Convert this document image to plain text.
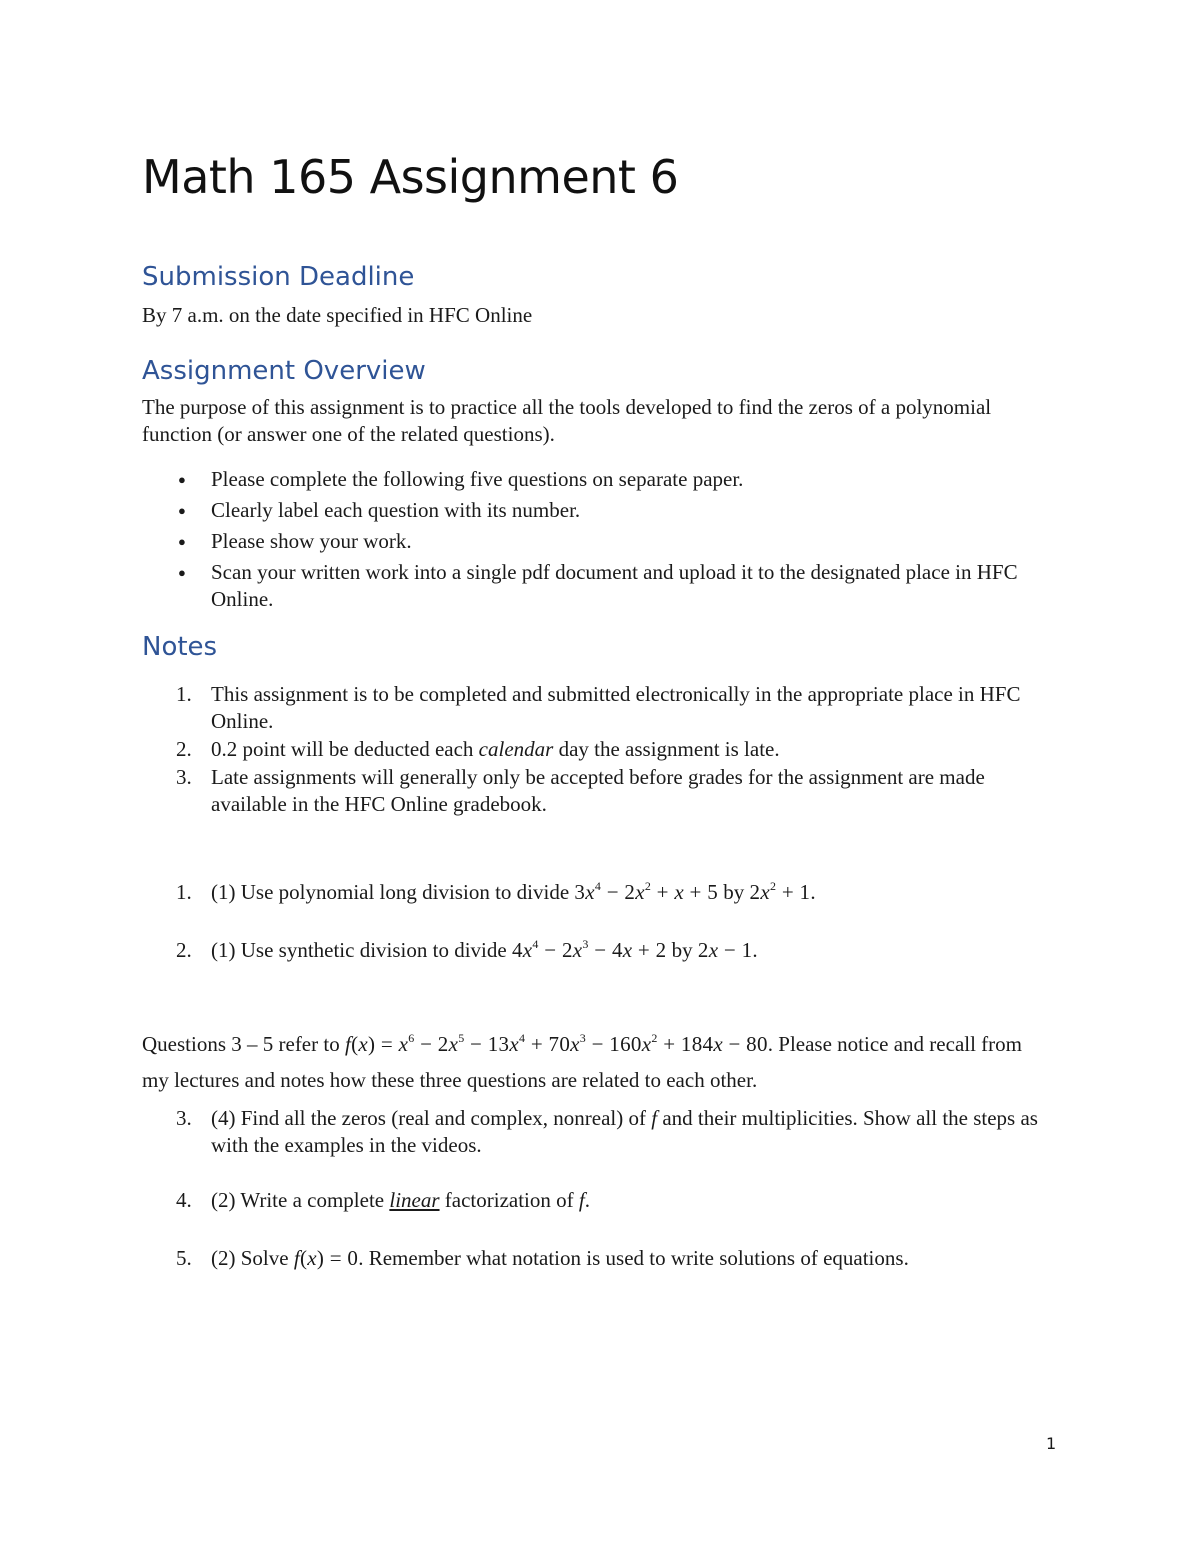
Math 165 Assignment 6
Submission Deadline

By 7 a.m. on the date specified in HFC Online

Assignment Overview

The purpose of this assignment is to practice all the tools developed to find the zeros of a polynomial function (or answer one of the related questions).

● Please complete the following five questions on separate paper.
● Clearly label each question with its number.
● Please show your work.
● Scan your written work into a single pdf document and upload it to the designated place in HFC Online.
Notes
1. This assignment is to be completed and submitted electronically in the appropriate place in HFC Online.
2. 0.2 point will be deducted each calendar day the assignment is late.
3. Late assignments will generally only be accepted before grades for the assignment are made available in the HFC Online gradebook.
1. (1) Use polynomial long division to divide $3x^4 - 2x^2 + x + 5$ by $2x^2 + 1$.
2. (1) Use synthetic division to divide $4x^4 - 2x^3 - 4x + 2$ by 2x − 1.

Questions 3 – 5 refer to $f(x) = x^6 - 2x^5 - 13x^4 + 70x^3 - 160x^2 + 184x - 80$. Please notice and recall from my lectures and notes how these three questions are related to each other.

3. (4) Find all the zeros (real and complex, nonreal) of f and their multiplicities. Show all the steps as with the examples in the videos.
4. (2) Write a complete linear factorization of f.
5. (2) Solve f(x) = 0. Remember what notation is used to write solutions of equations.
1
